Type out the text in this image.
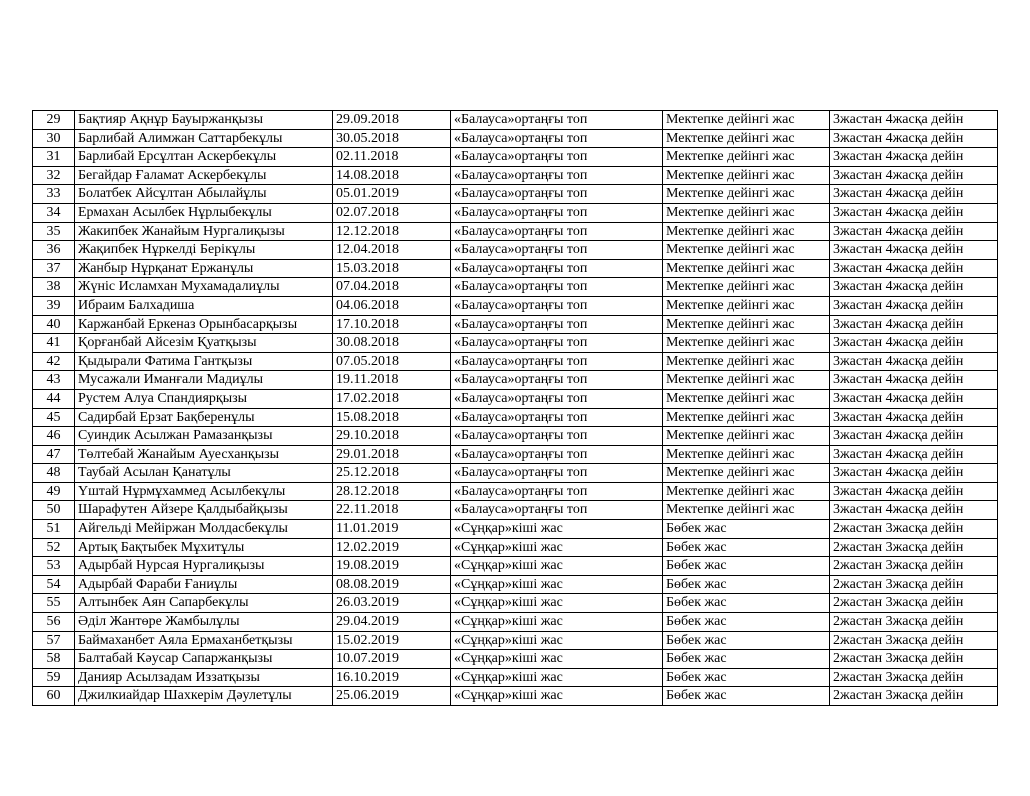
29	Бақтияр Ақнұр Бауыржанқызы	29.09.2018	«Балауса»ортаңғы топ	Мектепке дейінгі жас	3жастан 4жасқа дейін
30	Барлибай Алимжан Саттарбекұлы	30.05.2018	«Балауса»ортаңғы топ	Мектепке дейінгі жас	3жастан 4жасқа дейін
31	Барлибай Ерсұлтан Аскербекұлы	02.11.2018	«Балауса»ортаңғы топ	Мектепке дейінгі жас	3жастан 4жасқа дейін
32	Бегайдар Ғаламат Аскербекұлы	14.08.2018	«Балауса»ортаңғы топ	Мектепке дейінгі жас	3жастан 4жасқа дейін
33	Болатбек Айсұлтан Абылайұлы	05.01.2019	«Балауса»ортаңғы топ	Мектепке дейінгі жас	3жастан 4жасқа дейін
34	Ермахан Асылбек Нұрлыбекұлы	02.07.2018	«Балауса»ортаңғы топ	Мектепке дейінгі жас	3жастан 4жасқа дейін
35	Жакипбек Жанайым Нургалиқызы	12.12.2018	«Балауса»ортаңғы топ	Мектепке дейінгі жас	3жастан 4жасқа дейін
36	Жақипбек Нұркелді Берікұлы	12.04.2018	«Балауса»ортаңғы топ	Мектепке дейінгі жас	3жастан 4жасқа дейін
37	Жанбыр Нұрқанат Ержанұлы	15.03.2018	«Балауса»ортаңғы топ	Мектепке дейінгі жас	3жастан 4жасқа дейін
38	Жүніс Исламхан Мухамадалиұлы	07.04.2018	«Балауса»ортаңғы топ	Мектепке дейінгі жас	3жастан 4жасқа дейін
39	Ибраим Балхадиша	04.06.2018	«Балауса»ортаңғы топ	Мектепке дейінгі жас	3жастан 4жасқа дейін
40	Каржанбай Еркеназ Орынбасарқызы	17.10.2018	«Балауса»ортаңғы топ	Мектепке дейінгі жас	3жастан 4жасқа дейін
41	Қорғанбай Айсезім Қуатқызы	30.08.2018	«Балауса»ортаңғы топ	Мектепке дейінгі жас	3жастан 4жасқа дейін
42	Қыдырали Фатима Гантқызы	07.05.2018	«Балауса»ортаңғы топ	Мектепке дейінгі жас	3жастан 4жасқа дейін
43	Мусажали Иманғали Мадиұлы	19.11.2018	«Балауса»ортаңғы топ	Мектепке дейінгі жас	3жастан 4жасқа дейін
44	Рустем Алуа Спандиярқызы	17.02.2018	«Балауса»ортаңғы топ	Мектепке дейінгі жас	3жастан 4жасқа дейін
45	Садирбай Ерзат Бақберенұлы	15.08.2018	«Балауса»ортаңғы топ	Мектепке дейінгі жас	3жастан 4жасқа дейін
46	Суиндик Асылжан Рамазанқызы	29.10.2018	«Балауса»ортаңғы топ	Мектепке дейінгі жас	3жастан 4жасқа дейін
47	Төлтебай Жанайым Ауесханқызы	29.01.2018	«Балауса»ортаңғы топ	Мектепке дейінгі жас	3жастан 4жасқа дейін
48	Таубай Асылан Қанатұлы	25.12.2018	«Балауса»ортаңғы топ	Мектепке дейінгі жас	3жастан 4жасқа дейін
49	Үштай Нұрмұхаммед Асылбекұлы	28.12.2018	«Балауса»ортаңғы топ	Мектепке дейінгі жас	3жастан 4жасқа дейін
50	Шарафутен Айзере Қалдыбайқызы	22.11.2018	«Балауса»ортаңғы топ	Мектепке дейінгі жас	3жастан 4жасқа дейін
51	Айгельді Мейіржан Молдасбекұлы	11.01.2019	«Сұңқар»кіші жас	Бөбек жас	2жастан 3жасқа дейін
52	Артық Бақтыбек Мұхитұлы	12.02.2019	«Сұңқар»кіші жас	Бөбек жас	2жастан 3жасқа дейін
53	Адырбай Нурсая Нургалиқызы	19.08.2019	«Сұңқар»кіші жас	Бөбек жас	2жастан 3жасқа дейін
54	Адырбай Фараби Ғаниұлы	08.08.2019	«Сұңқар»кіші жас	Бөбек жас	2жастан 3жасқа дейін
55	Алтынбек Аян Сапарбекұлы	26.03.2019	«Сұңқар»кіші жас	Бөбек жас	2жастан 3жасқа дейін
56	Әділ Жантөре Жамбылұлы	29.04.2019	«Сұңқар»кіші жас	Бөбек жас	2жастан 3жасқа дейін
57	Баймаханбет Аяла Ермаханбетқызы	15.02.2019	«Сұңқар»кіші жас	Бөбек жас	2жастан 3жасқа дейін
58	Балтабай Кәусар Сапаржанқызы	10.07.2019	«Сұңқар»кіші жас	Бөбек жас	2жастан 3жасқа дейін
59	Данияр Асылзадам Иззатқызы	16.10.2019	«Сұңқар»кіші жас	Бөбек жас	2жастан 3жасқа дейін
60	Джилкиайдар Шахкерім Дәулетұлы	25.06.2019	«Сұңқар»кіші жас	Бөбек жас	2жастан 3жасқа дейін
